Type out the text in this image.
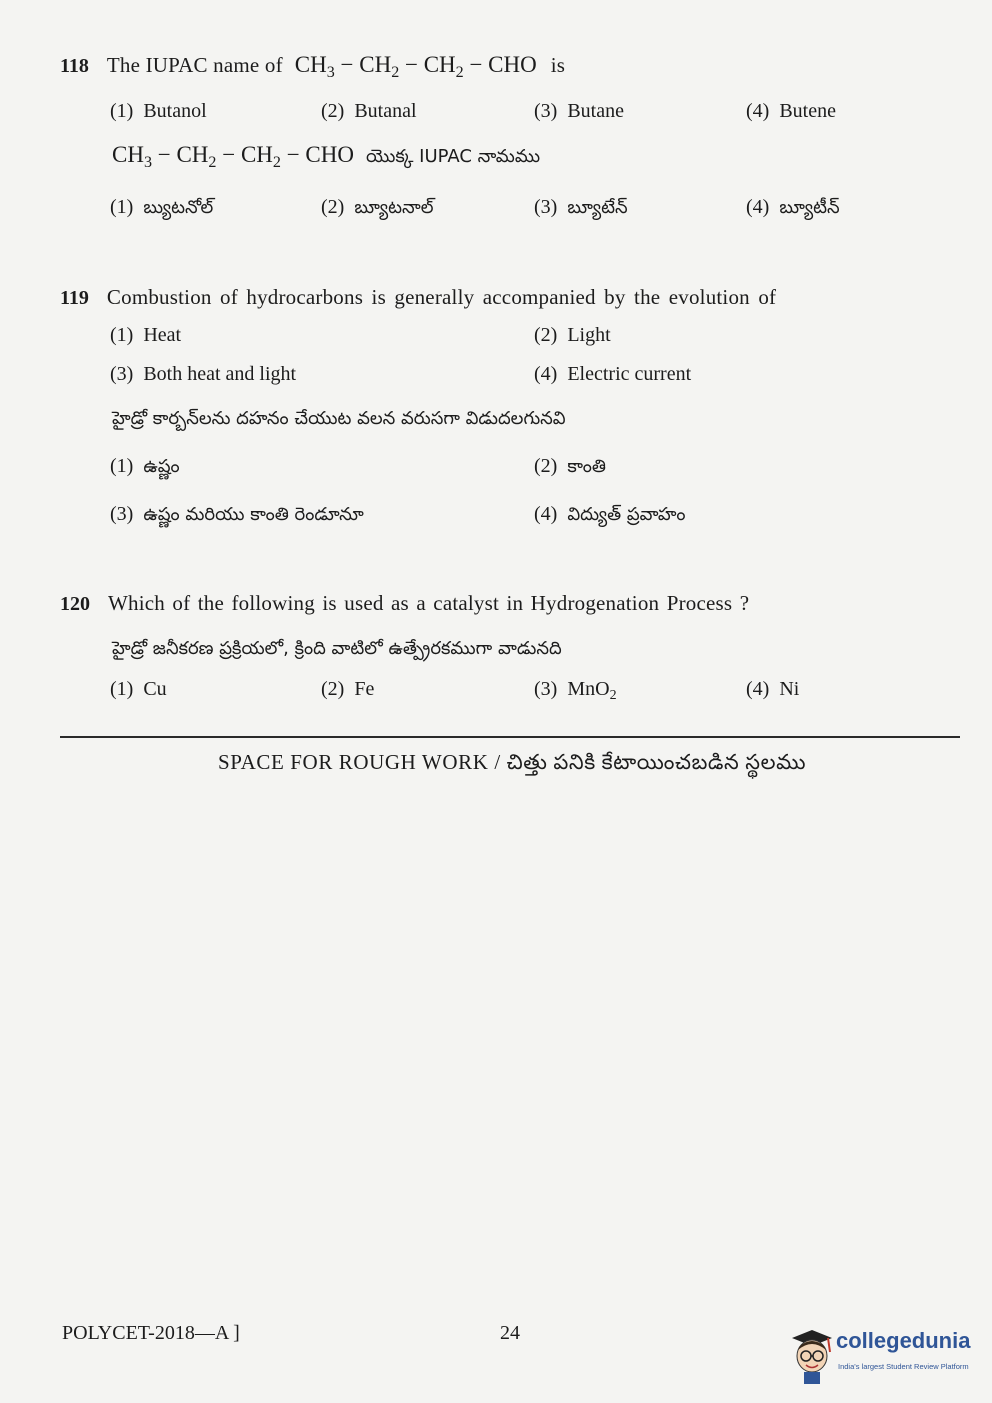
118 The IUPAC name of $CH_3 - CH_2 - CH_2$ − CHO is
(1) Butanol	(2) Butanal	(3) Butane	(4) Butene
$CH_3 - CH_2 - CH_2$ − CHO యొక్క IUPAC నామము
(1) బ్యుటనోల్	(2) బ్యూటనాల్	(3) బ్యూటేన్	(4) బ్యూటీన్
119 Combustion of hydrocarbons is generally accompanied by the evolution of
(1) Heat	(2) Light
(3) Both heat and light	(4) Electric current
హైడ్రో కార్బన్‌లను దహనం చేయుట వలన వరుసగా విడుదలగునవి
(1) ఉష్ణం	(2) కాంతి
(3) ఉష్ణం మరియు కాంతి రెండూనూ	(4) విద్యుత్ ప్రవాహం
120 Which of the following is used as a catalyst in Hydrogenation Process ?
హైడ్రో జనీకరణ ప్రక్రియలో, క్రింది వాటిలో ఉత్ప్రేరకముగా వాడునది
(1) Cu	(2) Fe	(3) MnO$_2$	(4) Ni
SPACE FOR ROUGH WORK / చిత్తు పనికి కేటాయించబడిన స్థలము
POLYCET-2018—A ]	24	collegedunia
India's largest Student Review Platform
